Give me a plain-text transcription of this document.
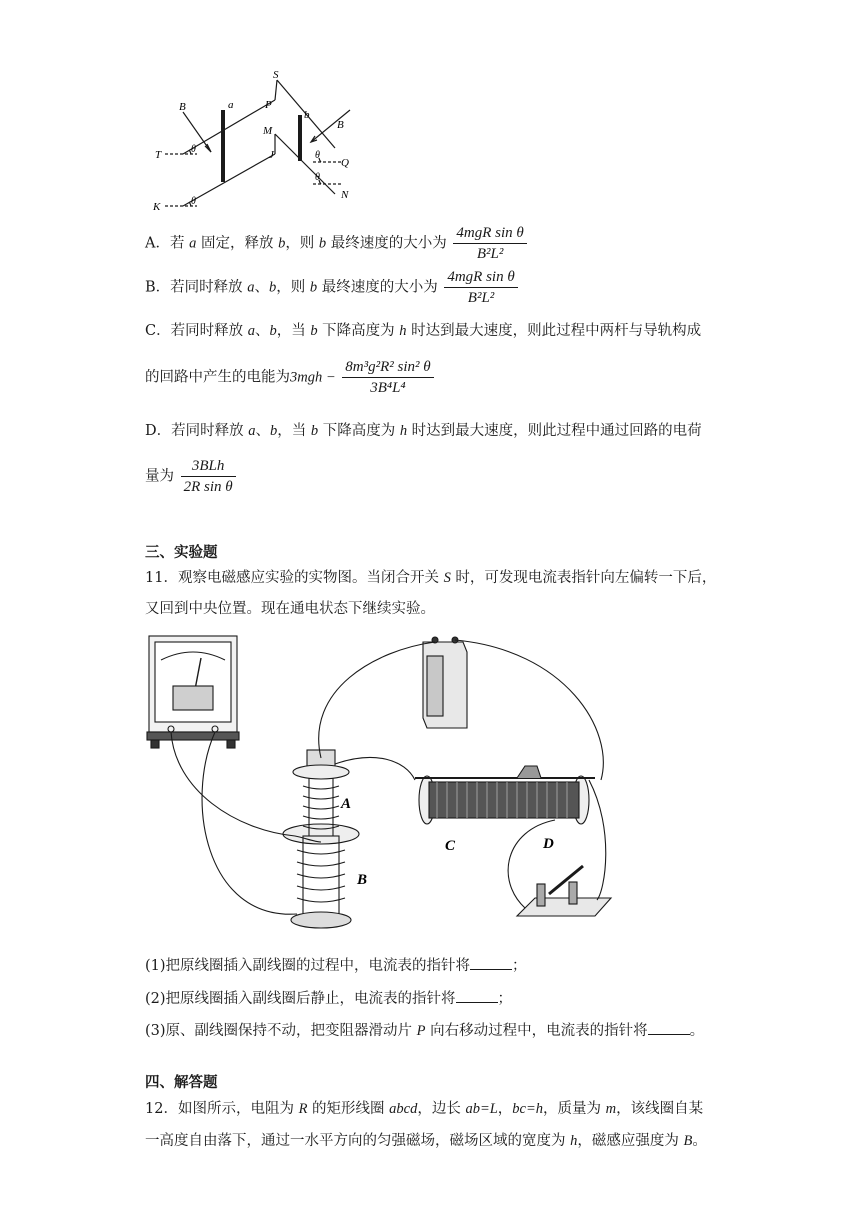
S
P
a
b
B
B
M
J
T
Q
K
N
θ
θ
θ
θ
A．若 a 固定，释放 b，则 b 最终速度的大小为 $\frac{\text{4mgR sin θ}}{\text{B²L²}}$
B．若同时释放 a、b，则 b 最终速度的大小为 $\frac{\text{4mgR sin θ}}{\text{B²L²}}$
C．若同时释放 a、b，当 b 下降高度为 h 时达到最大速度，则此过程中两杆与导轨构成
的回路中产生的电能为$3mgh - \frac{\text{8m³g²R² sin² θ}}{\text{3B⁴L⁴}}$
D．若同时释放 a、b，当 b 下降高度为 h 时达到最大速度，则此过程中通过回路的电荷
量为 $\frac{\text{3BLh}}{\text{2R sin θ}}$
三、实验题
11．观察电磁感应实验的实物图。当闭合开关 S 时，可发现电流表指针向左偏转一下后，
又回到中央位置。现在通电状态下继续实验。
A
B
C	D
(1)把原线圈插入副线圈的过程中，电流表的指针将	；
(2)把原线圈插入副线圈后静止，电流表的指针将	；
(3)原、副线圈保持不动，把变阻器滑动片 P 向右移动过程中，电流表的指针将	。
四、解答题
12．如图所示，电阻为 R 的矩形线圈 abcd，边长 ab=L，bc=h，质量为 m，该线圈自某
一高度自由落下，通过一水平方向的匀强磁场，磁场区域的宽度为 h，磁感应强度为 B。
